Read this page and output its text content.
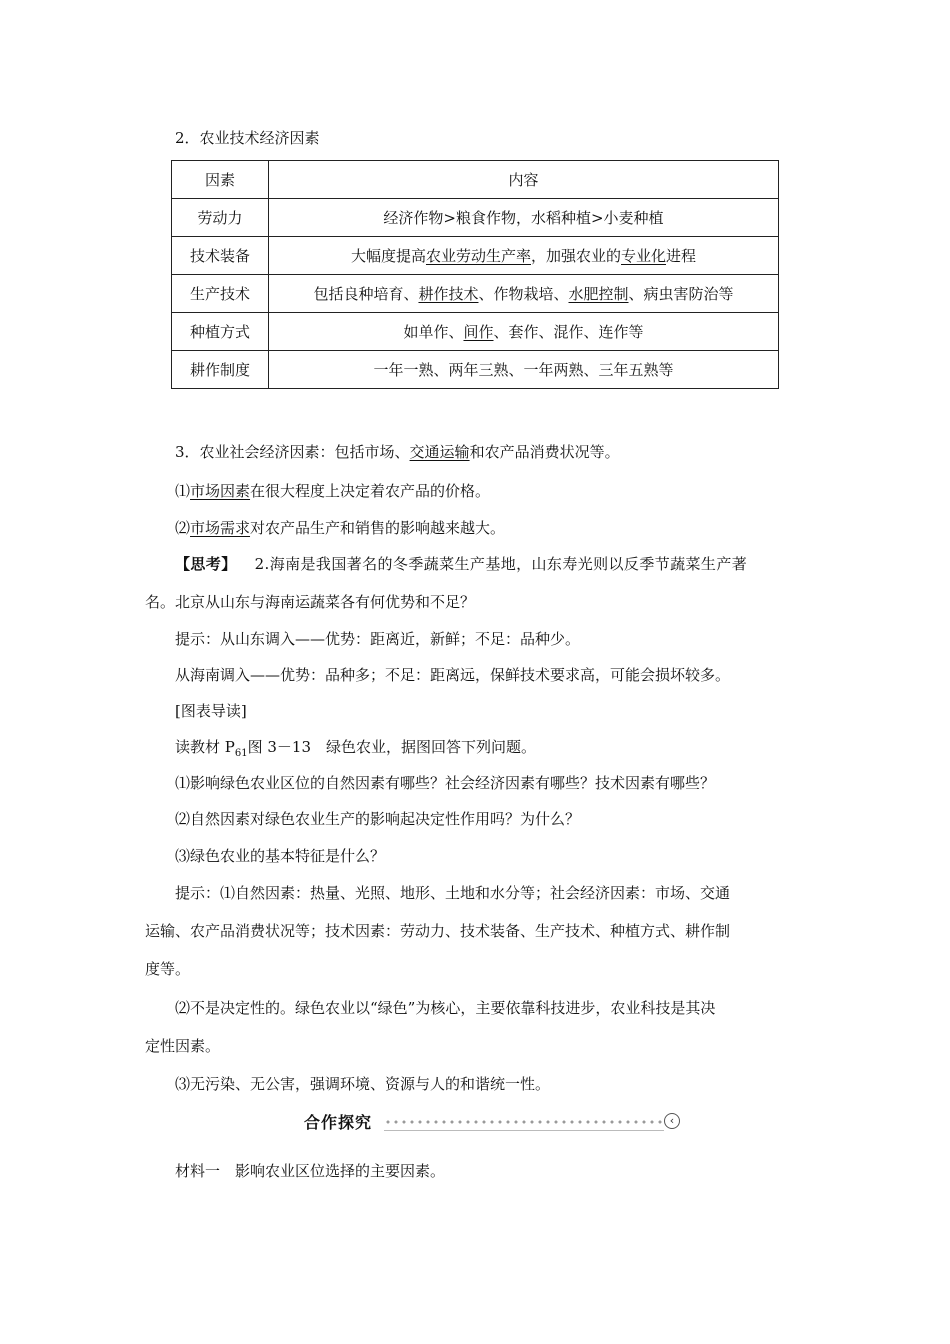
2．农业技术经济因素
因素	内容
劳动力	经济作物>粮食作物，水稻种植>小麦种植
技术装备	大幅度提高农业劳动生产率，加强农业的专业化进程
生产技术	包括良种培育、耕作技术、作物栽培、水肥控制、病虫害防治等
种植方式	如单作、间作、套作、混作、连作等
耕作制度	一年一熟、两年三熟、一年两熟、三年五熟等
3．农业社会经济因素：包括市场、交通运输和农产品消费状况等。
⑴市场因素在很大程度上决定着农产品的价格。
⑵市场需求对农产品生产和销售的影响越来越大。
【思考】 2.海南是我国著名的冬季蔬菜生产基地，山东寿光则以反季节蔬菜生产著
名。北京从山东与海南运蔬菜各有何优势和不足？
提示：从山东调入——优势：距离近，新鲜；不足：品种少。
从海南调入——优势：品种多；不足：距离远，保鲜技术要求高，可能会损坏较多。
[图表导读]
读教材 $P_{61}$图 3－13　绿色农业，据图回答下列问题。
⑴影响绿色农业区位的自然因素有哪些？社会经济因素有哪些？技术因素有哪些？
⑵自然因素对绿色农业生产的影响起决定性作用吗？为什么？
⑶绿色农业的基本特征是什么？
提示：⑴自然因素：热量、光照、地形、土地和水分等；社会经济因素：市场、交通
运输、农产品消费状况等；技术因素：劳动力、技术装备、生产技术、种植方式、耕作制
度等。
⑵不是决定性的。绿色农业以“绿色”为核心，主要依靠科技进步，农业科技是其决
定性因素。
⑶无污染、无公害，强调环境、资源与人的和谐统一性。
合作探究	‹
材料一　影响农业区位选择的主要因素。
